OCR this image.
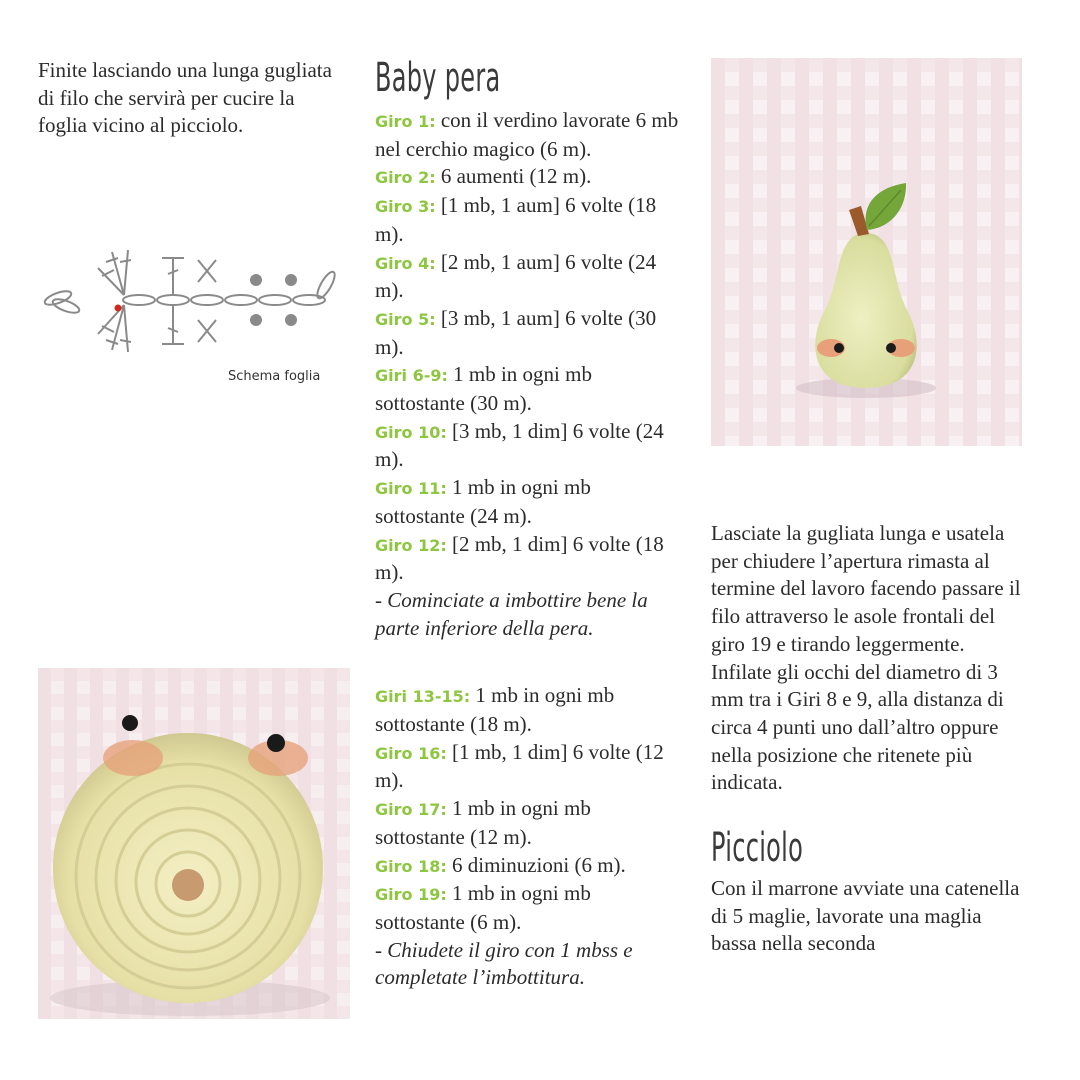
Finite lasciando una lunga gugliata di filo che servirà per cucire la foglia vicino al picciolo.

Schema foglia
Baby pera

Giro 1: con il verdino lavorate 6 mb nel cerchio magico (6 m).

Giro 2: 6 aumenti (12 m).

Giro 3: [1 mb, 1 aum] 6 volte (18 m).

Giro 4: [2 mb, 1 aum] 6 volte (24 m).

Giro 5: [3 mb, 1 aum] 6 volte (30 m).

Giri 6-9: 1 mb in ogni mb sottostante (30 m).

Giro 10: [3 mb, 1 dim] 6 volte (24 m).

Giro 11: 1 mb in ogni mb sottostante (24 m).

Giro 12: [2 mb, 1 dim] 6 volte (18 m).

- Cominciate a imbottire bene la parte inferiore della pera.

Giri 13-15: 1 mb in ogni mb sottostante (18 m).

Giro 16: [1 mb, 1 dim] 6 volte (12 m).

Giro 17: 1 mb in ogni mb sottostante (12 m).

Giro 18: 6 diminuzioni (6 m).

Giro 19: 1 mb in ogni mb sottostante (6 m).

- Chiudete il giro con 1 mbss e completate l’imbottitura.

Lasciate la gugliata lunga e usatela per chiudere l’apertura rimasta al termine del lavoro facendo passare il filo attraverso le asole frontali del giro 19 e tirando leggermente. Infilate gli occhi del diametro di 3 mm tra i Giri 8 e 9, alla distanza di circa 4 punti uno dall’altro oppure nella posizione che ritenete più indicata.

Picciolo

Con il marrone avviate una catenella di 5 maglie, lavorate una maglia bassa nella seconda
